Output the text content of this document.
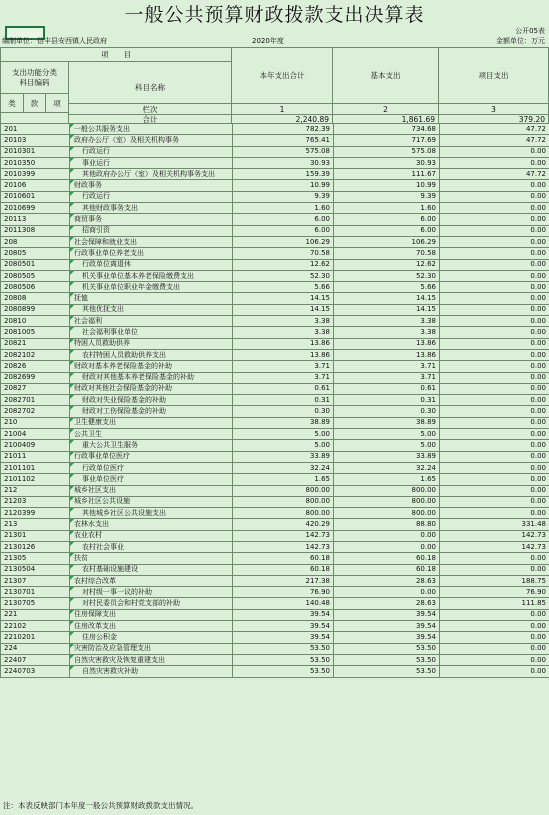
一般公共预算财政拨款支出决算表
公开05表
编制单位：信丰县安西镇人民政府	2020年度	金额单位：万元
项　　目
支出功能分类
科目编码
科目名称
类	款	项
本年支出合计	基本支出	项目支出
栏次	1	2	3
合计	2,240.89	1,861.69	379.20
201	一般公共服务支出	782.39	734.68	47.72
20103	政府办公厅（室）及相关机构事务	765.41	717.69	47.72
2010301	行政运行	575.08	575.08	0.00
2010350	事业运行	30.93	30.93	0.00
2010399	其他政府办公厅（室）及相关机构事务支出	159.39	111.67	47.72
20106	财政事务	10.99	10.99	0.00
2010601	行政运行	9.39	9.39	0.00
2010699	其他财政事务支出	1.60	1.60	0.00
20113	商贸事务	6.00	6.00	0.00
2011308	招商引资	6.00	6.00	0.00
208	社会保障和就业支出	106.29	106.29	0.00
20805	行政事业单位养老支出	70.58	70.58	0.00
2080501	行政单位离退休	12.62	12.62	0.00
2080505	机关事业单位基本养老保险缴费支出	52.30	52.30	0.00
2080506	机关事业单位职业年金缴费支出	5.66	5.66	0.00
20808	抚恤	14.15	14.15	0.00
2080899	其他优抚支出	14.15	14.15	0.00
20810	社会福利	3.38	3.38	0.00
2081005	社会福利事业单位	3.38	3.38	0.00
20821	特困人员救助供养	13.86	13.86	0.00
2082102	农村特困人员救助供养支出	13.86	13.86	0.00
20826	财政对基本养老保险基金的补助	3.71	3.71	0.00
2082699	财政对其他基本养老保险基金的补助	3.71	3.71	0.00
20827	财政对其他社会保险基金的补助	0.61	0.61	0.00
2082701	财政对失业保险基金的补助	0.31	0.31	0.00
2082702	财政对工伤保险基金的补助	0.30	0.30	0.00
210	卫生健康支出	38.89	38.89	0.00
21004	公共卫生	5.00	5.00	0.00
2100409	重大公共卫生服务	5.00	5.00	0.00
21011	行政事业单位医疗	33.89	33.89	0.00
2101101	行政单位医疗	32.24	32.24	0.00
2101102	事业单位医疗	1.65	1.65	0.00
212	城乡社区支出	800.00	800.00	0.00
21203	城乡社区公共设施	800.00	800.00	0.00
2120399	其他城乡社区公共设施支出	800.00	800.00	0.00
213	农林水支出	420.29	88.80	331.48
21301	农业农村	142.73	0.00	142.73
2130126	农村社会事业	142.73	0.00	142.73
21305	扶贫	60.18	60.18	0.00
2130504	农村基础设施建设	60.18	60.18	0.00
21307	农村综合改革	217.38	28.63	188.75
2130701	对村级一事一议的补助	76.90	0.00	76.90
2130705	对村民委员会和村党支部的补助	140.48	28.63	111.85
221	住房保障支出	39.54	39.54	0.00
22102	住房改革支出	39.54	39.54	0.00
2210201	住房公积金	39.54	39.54	0.00
224	灾害防治及应急管理支出	53.50	53.50	0.00
22407	自然灾害救灾及恢复重建支出	53.50	53.50	0.00
2240703	自然灾害救灾补助	53.50	53.50	0.00
注：本表反映部门本年度一般公共预算财政拨款支出情况。
